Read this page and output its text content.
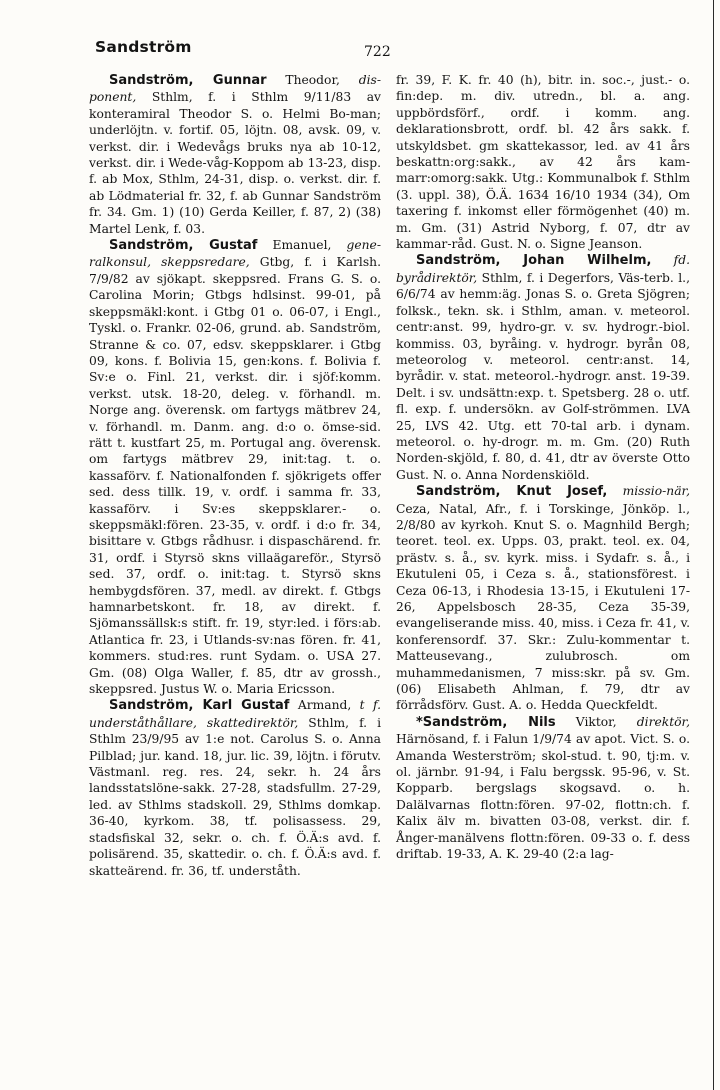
Sandström	722

Sandström, Gunnar Theodor, dis-ponent, Sthlm, f. i Sthlm 9/11/83 av konteramiral Theodor S. o. Helmi Bo-man; underlöjtn. v. fortif. 05, löjtn. 08, avsk. 09, v. verkst. dir. i Wedevågs bruks nya ab 10-12, verkst. dir. i Wede-våg-Koppom ab 13-23, disp. f. ab Mox, Sthlm, 24-31, disp. o. verkst. dir. f. ab Lödmaterial fr. 32, f. ab Gunnar Sandström fr. 34. Gm. 1) (10) Gerda Keiller, f. 87, 2) (38) Martel Lenk, f. 03.

Sandström, Gustaf Emanuel, gene-ralkonsul, skeppsredare, Gtbg, f. i Karlsh. 7/9/82 av sjökapt. skeppsred. Frans G. S. o. Carolina Morin; Gtbgs hdlsinst. 99-01, på skeppsmäkl:kont. i Gtbg 01 o. 06-07, i Engl., Tyskl. o. Frankr. 02-06, grund. ab. Sandström, Stranne & co. 07, edsv. skeppsklarer. i Gtbg 09, kons. f. Bolivia 15, gen:kons. f. Bolivia f. Sv:e o. Finl. 21, verkst. dir. i sjöf:komm. verkst. utsk. 18-20, deleg. v. förhandl. m. Norge ang. överensk. om fartygs mätbrev 24, v. förhandl. m. Danm. ang. d:o o. ömse-sid. rätt t. kustfart 25, m. Portugal ang. överensk. om fartygs mätbrev 29, init:tag. t. o. kassaförv. f. Nationalfonden f. sjökrigets offer sed. dess tillk. 19, v. ordf. i samma fr. 33, kassaförv. i Sv:es skeppsklarer.- o. skeppsmäkl:fören. 23-35, v. ordf. i d:o fr. 34, bisittare v. Gtbgs rådhusr. i dispaschärend. fr. 31, ordf. i Styrsö skns villaägareför., Styrsö sed. 37, ordf. o. init:tag. t. Styrsö skns hembygdsfören. 37, medl. av direkt. f. Gtbgs hamnarbetskont. fr. 18, av direkt. f. Sjömanssällsk:s stift. fr. 19, styr:led. i förs:ab. Atlantica fr. 23, i Utlands-sv:nas fören. fr. 41, kommers. stud:res. runt Sydam. o. USA 27. Gm. (08) Olga Waller, f. 85, dtr av grossh., skeppsred. Justus W. o. Maria Ericsson.

Sandström, Karl Gustaf Armand, t f. underståthållare, skattedirektör, Sthlm, f. i Sthlm 23/9/95 av 1:e not. Carolus S. o. Anna Pilblad; jur. kand. 18, jur. lic. 39, löjtn. i förutv. Västmanl. reg. res. 24, sekr. h. 24 års landsstatslöne-sakk. 27-28, stadsfullm. 27-29, led. av Sthlms stadskoll. 29, Sthlms domkap. 36-40, kyrkom. 38, tf. polisassess. 29, stadsfiskal 32, sekr. o. ch. f. Ö.Ä:s avd. f. polisärend. 35, skattedir. o. ch. f. Ö.Ä:s avd. f. skatteärend. fr. 36, tf. underståth.

fr. 39, F. K. fr. 40 (h), bitr. in. soc.-, just.- o. fin:dep. m. div. utredn., bl. a. ang. uppbördsförf., ordf. i komm. ang. deklarationsbrott, ordf. bl. 42 års sakk. f. utskyldsbet. gm skattekassor, led. av 41 års beskattn:org:sakk., av 42 års kam-marr:omorg:sakk. Utg.: Kommunalbok f. Sthlm (3. uppl. 38), Ö.Ä. 1634 16/10 1934 (34), Om taxering f. inkomst eller förmögenhet (40) m. m. Gm. (31) Astrid Nyborg, f. 07, dtr av kammar-råd. Gust. N. o. Signe Jeanson.

Sandström, Johan Wilhelm, fd. byrådirektör, Sthlm, f. i Degerfors, Väs-terb. l., 6/6/74 av hemm:äg. Jonas S. o. Greta Sjögren; folksk., tekn. sk. i Sthlm, aman. v. meteorol. centr:anst. 99, hydro-gr. v. sv. hydrogr.-biol. kommiss. 03, byråing. v. hydrogr. byrån 08, meteorolog v. meteorol. centr:anst. 14, byrådir. v. stat. meteorol.-hydrogr. anst. 19-39. Delt. i sv. undsättn:exp. t. Spetsberg. 28 o. utf. fl. exp. f. undersökn. av Golf-strömmen. LVA 25, LVS 42. Utg. ett 70-tal arb. i dynam. meteorol. o. hy-drogr. m. m. Gm. (20) Ruth Norden-skjöld, f. 80, d. 41, dtr av överste Otto Gust. N. o. Anna Nordenskiöld.

Sandström, Knut Josef, missio-när, Ceza, Natal, Afr., f. i Torskinge, Jönköp. l., 2/8/80 av kyrkoh. Knut S. o. Magnhild Bergh; teoret. teol. ex. Upps. 03, prakt. teol. ex. 04, prästv. s. å., sv. kyrk. miss. i Sydafr. s. å., i Ekutuleni 05, i Ceza s. å., stationsförest. i Ceza 06-13, i Rhodesia 13-15, i Ekutuleni 17-26, Appelsbosch 28-35, Ceza 35-39, evangeliserande miss. 40, miss. i Ceza fr. 41, v. konferensordf. 37. Skr.: Zulu-kommentar t. Matteusevang., zulubrosch. om muhammedanismen, 7 miss:skr. på sv. Gm. (06) Elisabeth Ahlman, f. 79, dtr av förrådsförv. Gust. A. o. Hedda Queckfeldt.

*Sandström, Nils Viktor, direktör, Härnösand, f. i Falun 1/9/74 av apot. Vict. S. o. Amanda Westerström; skol-stud. t. 90, tj:m. v. ol. järnbr. 91-94, i Falu bergssk. 95-96, v. St. Kopparb. bergslags skogsavd. o. h. Dalälvarnas flottn:fören. 97-02, flottn:ch. f. Kalix älv m. bivatten 03-08, verkst. dir. f. Ånger-manälvens flottn:fören. 09-33 o. f. dess driftab. 19-33, A. K. 29-40 (2:a lag-
